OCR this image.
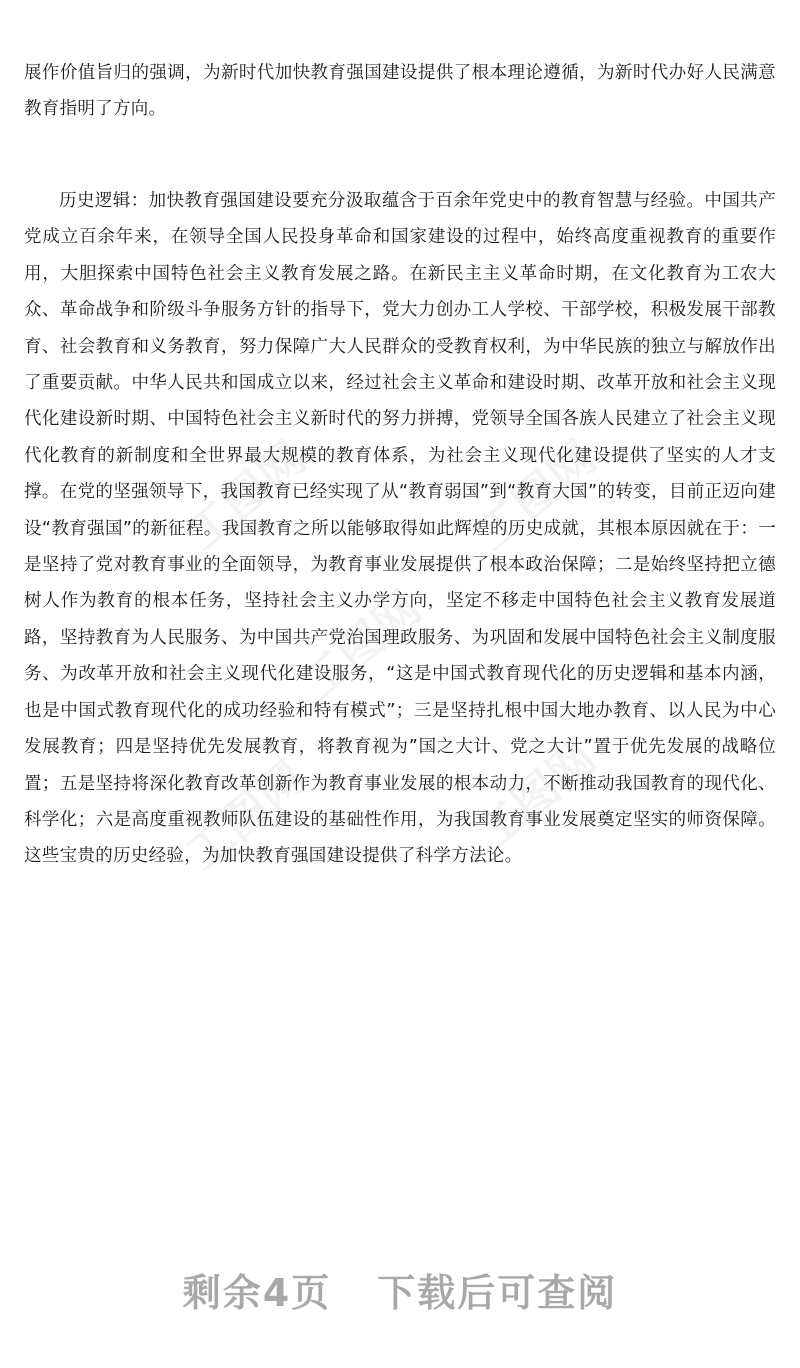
工图网	工图网
工图网	工图网
工图网

展作价值旨归的强调，为新时代加快教育强国建设提供了根本理论遵循，为新时代办好人民满意教育指明了方向。

历史逻辑：加快教育强国建设要充分汲取蕴含于百余年党史中的教育智慧与经验。中国共产党成立百余年来，在领导全国人民投身革命和国家建设的过程中，始终高度重视教育的重要作用，大胆探索中国特色社会主义教育发展之路。在新民主主义革命时期，在文化教育为工农大众、革命战争和阶级斗争服务方针的指导下，党大力创办工人学校、干部学校，积极发展干部教育、社会教育和义务教育，努力保障广大人民群众的受教育权利，为中华民族的独立与解放作出了重要贡献。中华人民共和国成立以来，经过社会主义革命和建设时期、改革开放和社会主义现代化建设新时期、中国特色社会主义新时代的努力拼搏，党领导全国各族人民建立了社会主义现代化教育的新制度和全世界最大规模的教育体系，为社会主义现代化建设提供了坚实的人才支撑。在党的坚强领导下，我国教育已经实现了从“教育弱国”到“教育大国”的转变，目前正迈向建设“教育强国”的新征程。我国教育之所以能够取得如此辉煌的历史成就，其根本原因就在于：一是坚持了党对教育事业的全面领导，为教育事业发展提供了根本政治保障；二是始终坚持把立德树人作为教育的根本任务，坚持社会主义办学方向，坚定不移走中国特色社会主义教育发展道路，坚持教育为人民服务、为中国共产党治国理政服务、为巩固和发展中国特色社会主义制度服务、为改革开放和社会主义现代化建设服务，“这是中国式教育现代化的历史逻辑和基本内涵，也是中国式教育现代化的成功经验和特有模式”；三是坚持扎根中国大地办教育、以人民为中心发展教育；四是坚持优先发展教育，将教育视为”国之大计、党之大计”置于优先发展的战略位置；五是坚持将深化教育改革创新作为教育事业发展的根本动力，不断推动我国教育的现代化、科学化；六是高度重视教师队伍建设的基础性作用，为我国教育事业发展奠定坚实的师资保障。这些宝贵的历史经验，为加快教育强国建设提供了科学方法论。

剩余4页 下载后可查阅
